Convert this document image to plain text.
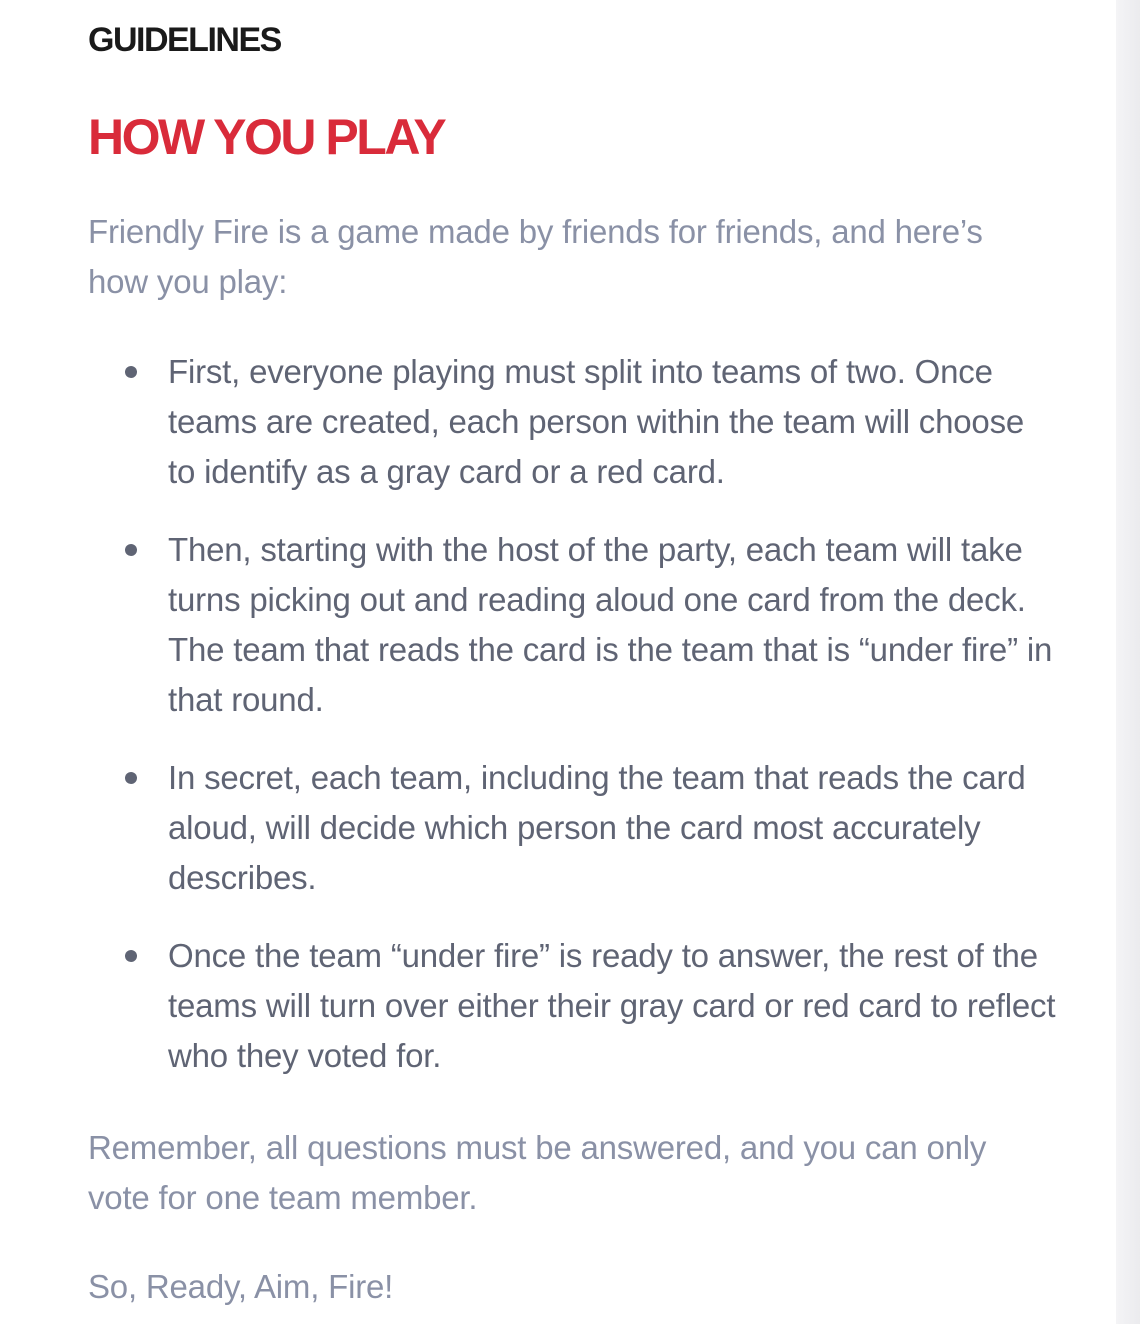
GUIDELINES
HOW YOU PLAY

Friendly Fire is a game made by friends for friends, and here’s how you play:

First, everyone playing must split into teams of two. Once teams are created, each person within the team will choose to identify as a gray card or a red card.
Then, starting with the host of the party, each team will take turns picking out and reading aloud one card from the deck. The team that reads the card is the team that is “under fire” in that round.
In secret, each team, including the team that reads the card aloud, will decide which person the card most accurately describes.
Once the team “under fire” is ready to answer, the rest of the teams will turn over either their gray card or red card to reflect who they voted for.

Remember, all questions must be answered, and you can only vote for one team member.

So, Ready, Aim, Fire!
